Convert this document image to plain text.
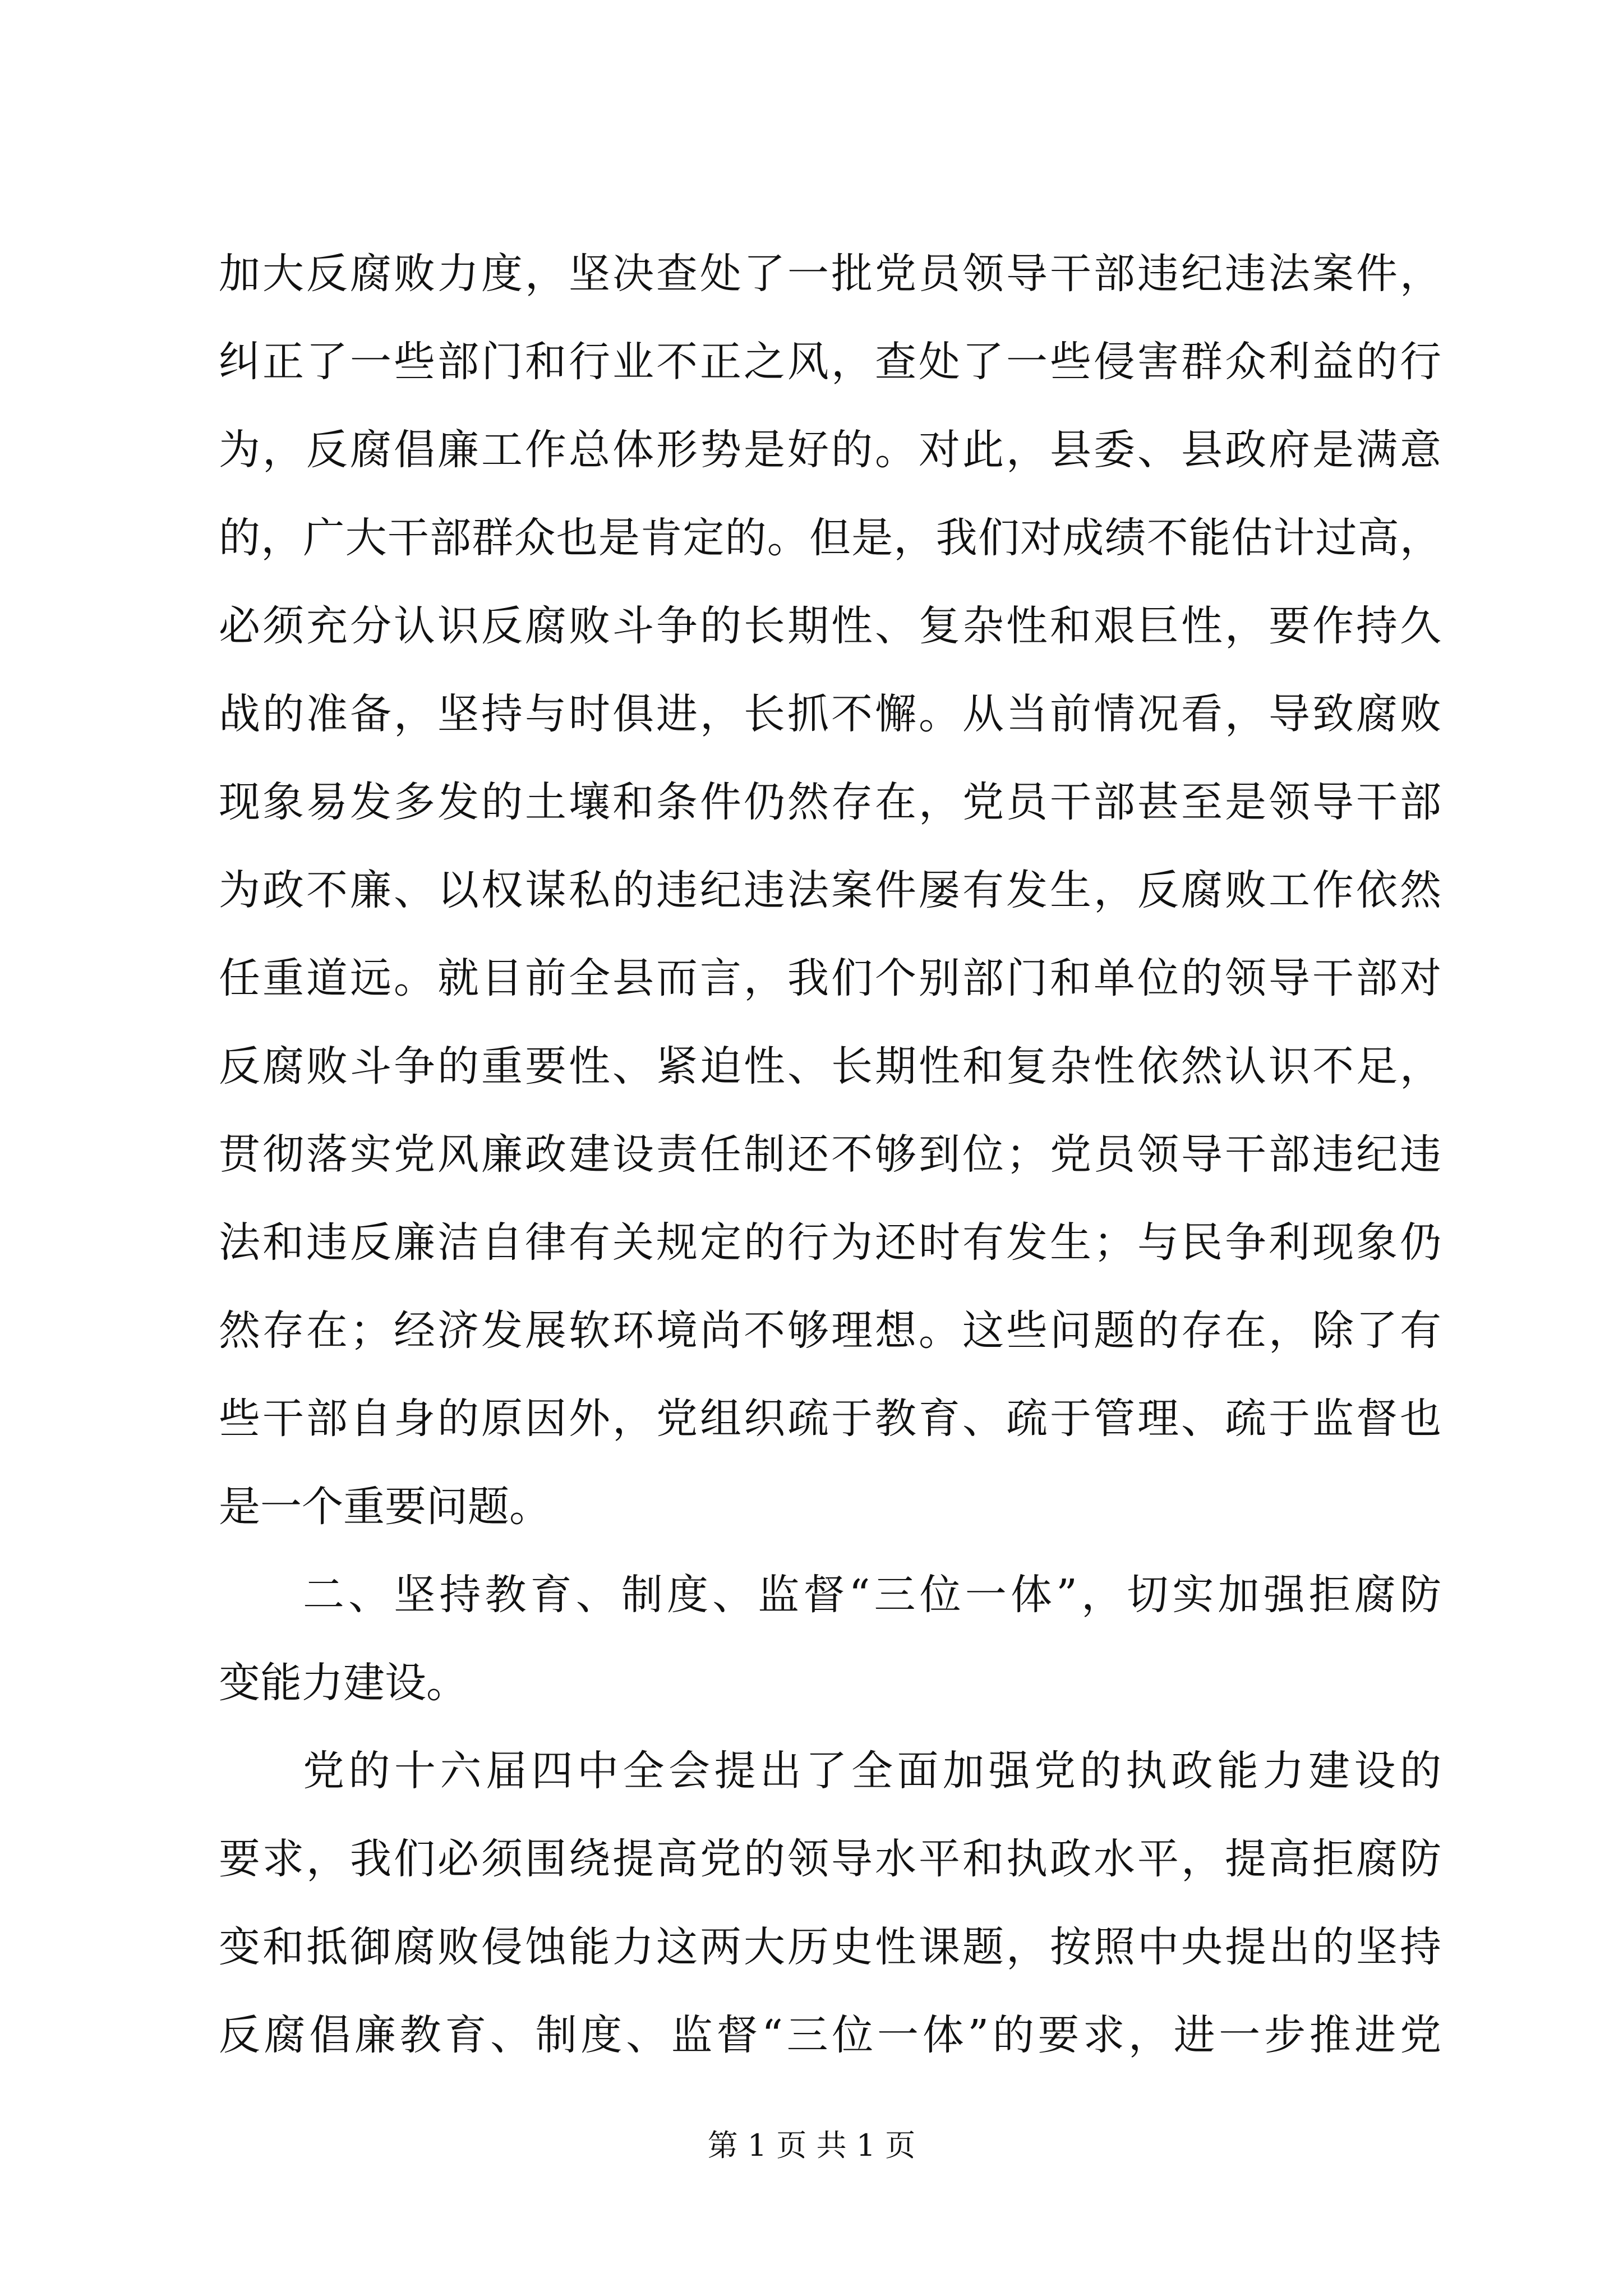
加大反腐败力度，坚决查处了一批党员领导干部违纪违法案件，
纠正了一些部门和行业不正之风，查处了一些侵害群众利益的行
为，反腐倡廉工作总体形势是好的。对此，县委、县政府是满意
的，广大干部群众也是肯定的。但是，我们对成绩不能估计过高，
必须充分认识反腐败斗争的长期性、复杂性和艰巨性，要作持久
战的准备，坚持与时俱进，长抓不懈。从当前情况看，导致腐败
现象易发多发的土壤和条件仍然存在，党员干部甚至是领导干部
为政不廉、以权谋私的违纪违法案件屡有发生，反腐败工作依然
任重道远。就目前全县而言，我们个别部门和单位的领导干部对
反腐败斗争的重要性、紧迫性、长期性和复杂性依然认识不足，
贯彻落实党风廉政建设责任制还不够到位；党员领导干部违纪违
法和违反廉洁自律有关规定的行为还时有发生；与民争利现象仍
然存在；经济发展软环境尚不够理想。这些问题的存在，除了有
些干部自身的原因外，党组织疏于教育、疏于管理、疏于监督也
是一个重要问题。
二、坚持教育、制度、监督“三位一体”，切实加强拒腐防
变能力建设。
党的十六届四中全会提出了全面加强党的执政能力建设的
要求，我们必须围绕提高党的领导水平和执政水平，提高拒腐防
变和抵御腐败侵蚀能力这两大历史性课题，按照中央提出的坚持
反腐倡廉教育、制度、监督“三位一体”的要求，进一步推进党
第 1 页 共 1 页
